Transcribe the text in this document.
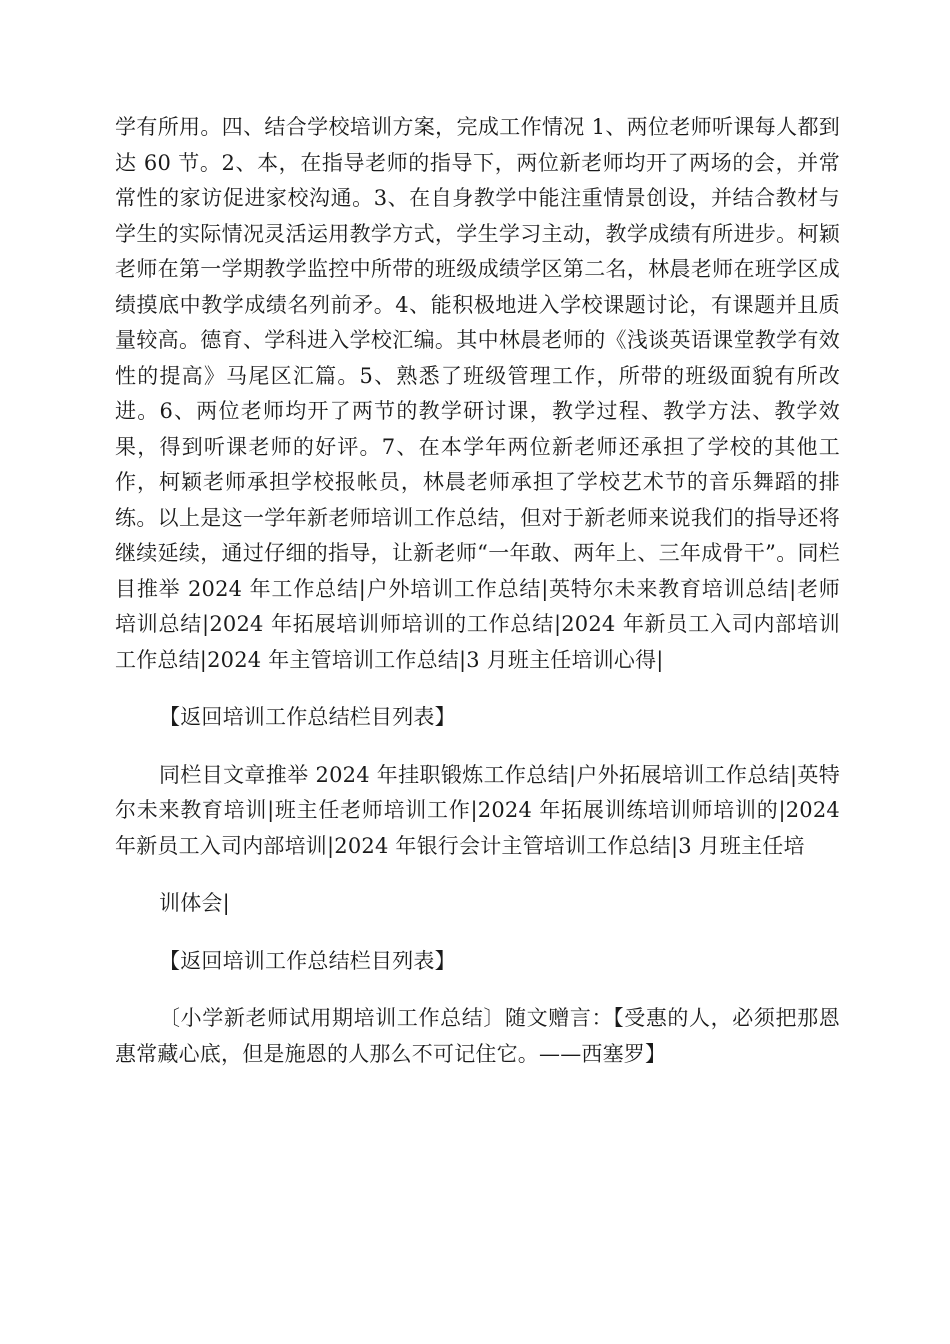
学有所用。四、结合学校培训方案，完成工作情况 1、两位老师听课每人都到达 60 节。2、本，在指导老师的指导下，两位新老师均开了两场的会，并常常性的家访促进家校沟通。3、在自身教学中能注重情景创设，并结合教材与学生的实际情况灵活运用教学方式，学生学习主动，教学成绩有所进步。柯颖老师在第一学期教学监控中所带的班级成绩学区第二名，林晨老师在班学区成绩摸底中教学成绩名列前矛。4、能积极地进入学校课题讨论，有课题并且质量较高。德育、学科进入学校汇编。其中林晨老师的《浅谈英语课堂教学有效性的提高》马尾区汇篇。5、熟悉了班级管理工作，所带的班级面貌有所改进。6、两位老师均开了两节的教学研讨课，教学过程、教学方法、教学效果，得到听课老师的好评。7、在本学年两位新老师还承担了学校的其他工作，柯颖老师承担学校报帐员，林晨老师承担了学校艺术节的音乐舞蹈的排练。以上是这一学年新老师培训工作总结，但对于新老师来说我们的指导还将继续延续，通过仔细的指导，让新老师“一年敢、两年上、三年成骨干”。同栏目推举 2024 年工作总结|户外培训工作总结|英特尔未来教育培训总结|老师培训总结|2024 年拓展培训师培训的工作总结|2024 年新员工入司内部培训工作总结|2024 年主管培训工作总结|3 月班主任培训心得|

【返回培训工作总结栏目列表】

同栏目文章推举 2024 年挂职锻炼工作总结|户外拓展培训工作总结|英特尔未来教育培训|班主任老师培训工作|2024 年拓展训练培训师培训的|2024 年新员工入司内部培训|2024 年银行会计主管培训工作总结|3 月班主任培

训体会|

【返回培训工作总结栏目列表】

〔小学新老师试用期培训工作总结〕随文赠言：【受惠的人，必须把那恩惠常藏心底，但是施恩的人那么不可记住它。——西塞罗】
